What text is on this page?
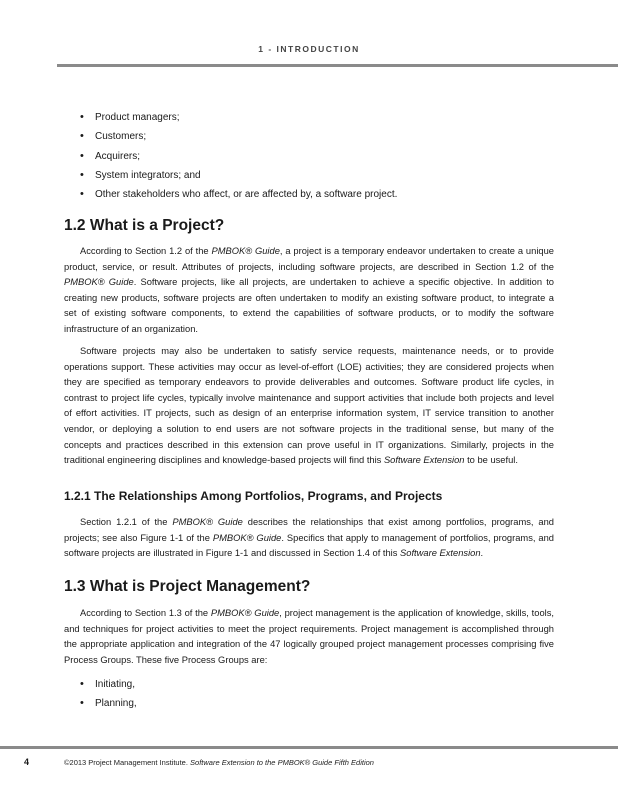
1 - INTRODUCTION
• Product managers;
• Customers;
• Acquirers;
• System integrators; and
• Other stakeholders who affect, or are affected by, a software project.
1.2 What is a Project?

According to Section 1.2 of the PMBOK® Guide, a project is a temporary endeavor undertaken to create a unique product, service, or result. Attributes of projects, including software projects, are described in Section 1.2 of the PMBOK® Guide. Software projects, like all projects, are undertaken to achieve a specific objective. In addition to creating new products, software projects are often undertaken to modify an existing software product, to integrate a set of existing software components, to extend the capabilities of software products, or to modify the software infrastructure of an organization.

Software projects may also be undertaken to satisfy service requests, maintenance needs, or to provide operations support. These activities may occur as level-of-effort (LOE) activities; they are considered projects when they are specified as temporary endeavors to provide deliverables and outcomes. Software product life cycles, in contrast to project life cycles, typically involve maintenance and support activities that include both projects and level of effort activities. IT projects, such as design of an enterprise information system, IT service transition to another vendor, or deploying a solution to end users are not software projects in the traditional sense, but many of the concepts and practices described in this extension can prove useful in IT organizations. Similarly, projects in the traditional engineering disciplines and knowledge-based projects will find this Software Extension to be useful.

1.2.1 The Relationships Among Portfolios, Programs, and Projects

Section 1.2.1 of the PMBOK® Guide describes the relationships that exist among portfolios, programs, and projects; see also Figure 1-1 of the PMBOK® Guide. Specifics that apply to management of portfolios, programs, and software projects are illustrated in Figure 1-1 and discussed in Section 1.4 of this Software Extension.

1.3 What is Project Management?

According to Section 1.3 of the PMBOK® Guide, project management is the application of knowledge, skills, tools, and techniques for project activities to meet the project requirements. Project management is accomplished through the appropriate application and integration of the 47 logically grouped project management processes comprising five Process Groups. These five Process Groups are:

• Initiating,
• Planning,
4	©2013 Project Management Institute. Software Extension to the PMBOK® Guide Fifth Edition
